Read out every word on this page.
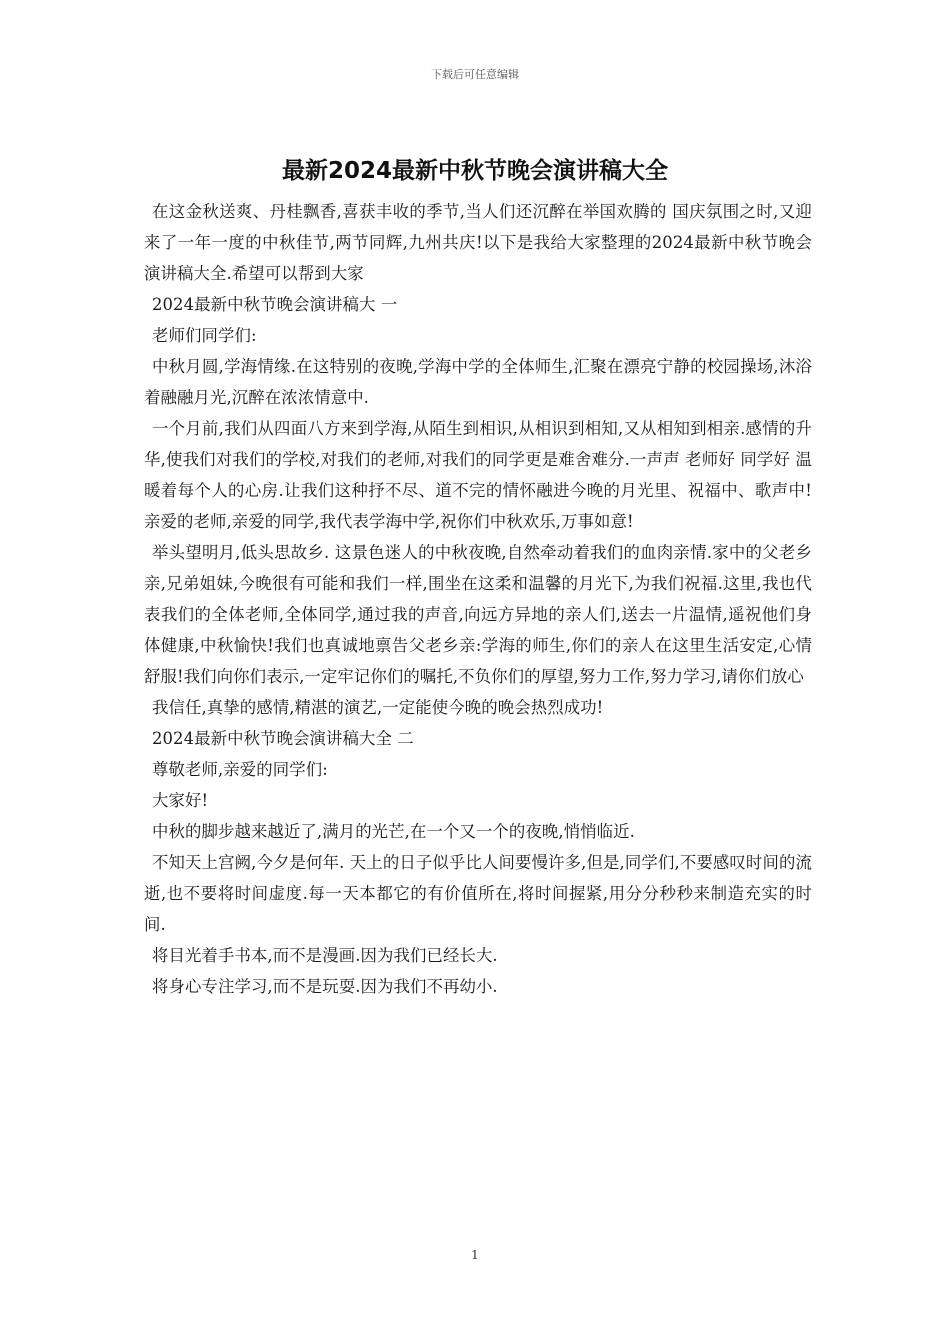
下载后可任意编辑
最新2024最新中秋节晚会演讲稿大全

在这金秋送爽、丹桂飘香,喜获丰收的季节,当人们还沉醉在举国欢腾的 国庆氛围之时,又迎来了一年一度的中秋佳节,两节同辉,九州共庆!以下是我给大家整理的2024最新中秋节晚会演讲稿大全.希望可以帮到大家

2024最新中秋节晚会演讲稿大 一

老师们同学们:

中秋月圆,学海情缘.在这特别的夜晚,学海中学的全体师生,汇聚在漂亮宁静的校园操场,沐浴着融融月光,沉醉在浓浓情意中.

一个月前,我们从四面八方来到学海,从陌生到相识,从相识到相知,又从相知到相亲.感情的升华,使我们对我们的学校,对我们的老师,对我们的同学更是难舍难分.一声声 老师好 同学好 温暖着每个人的心房.让我们这种抒不尽、道不完的情怀融进今晚的月光里、祝福中、歌声中!亲爱的老师,亲爱的同学,我代表学海中学,祝你们中秋欢乐,万事如意!

举头望明月,低头思故乡. 这景色迷人的中秋夜晚,自然牵动着我们的血肉亲情.家中的父老乡亲,兄弟姐妹,今晚很有可能和我们一样,围坐在这柔和温馨的月光下,为我们祝福.这里,我也代表我们的全体老师,全体同学,通过我的声音,向远方异地的亲人们,送去一片温情,遥祝他们身体健康,中秋愉快!我们也真诚地禀告父老乡亲:学海的师生,你们的亲人在这里生活安定,心情舒服!我们向你们表示,一定牢记你们的嘱托,不负你们的厚望,努力工作,努力学习,请你们放心

我信任,真挚的感情,精湛的演艺,一定能使今晚的晚会热烈成功!

2024最新中秋节晚会演讲稿大全 二

尊敬老师,亲爱的同学们:

大家好!

中秋的脚步越来越近了,满月的光芒,在一个又一个的夜晚,悄悄临近.

不知天上宫阙,今夕是何年. 天上的日子似乎比人间要慢许多,但是,同学们,不要感叹时间的流逝,也不要将时间虚度.每一天本都它的有价值所在,将时间握紧,用分分秒秒来制造充实的时间.

将目光着手书本,而不是漫画.因为我们已经长大.

将身心专注学习,而不是玩耍.因为我们不再幼小.

1
